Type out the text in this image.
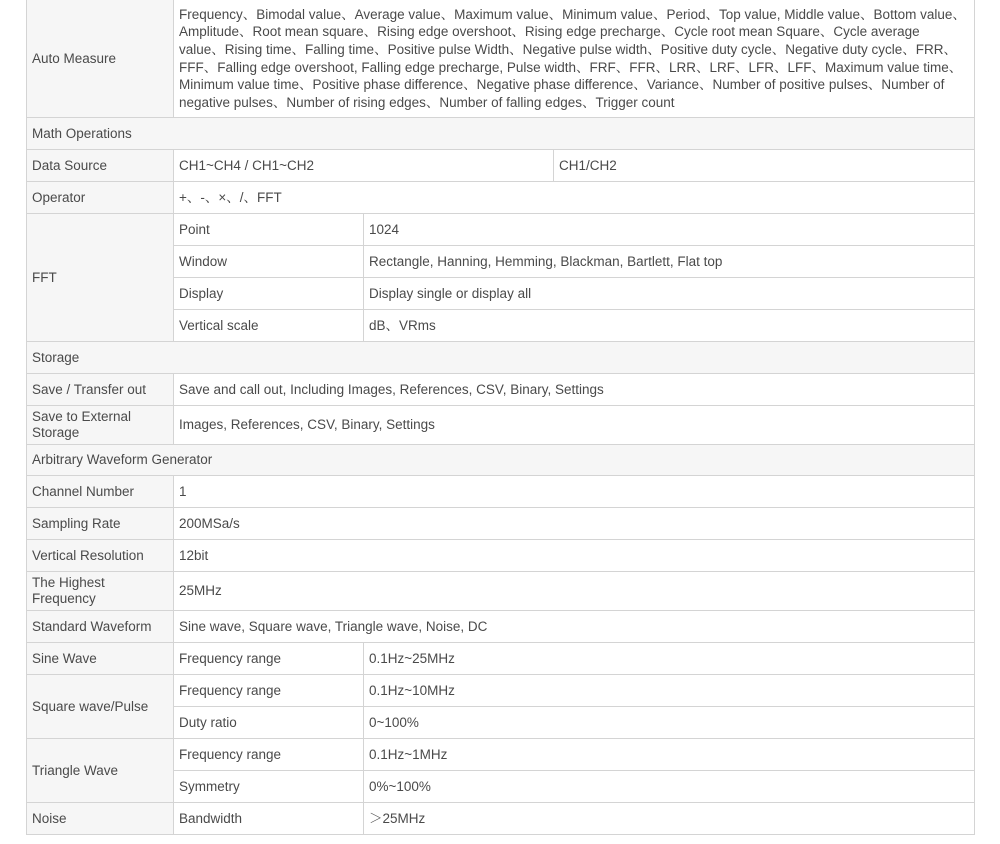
Auto Measure	Frequency、Bimodal value、Average value、Maximum value、Minimum value、Period、Top value, Middle value、Bottom value、Amplitude、Root mean square、Rising edge overshoot、Rising edge precharge、Cycle root mean Square、Cycle average value、Rising time、Falling time、Positive pulse Width、Negative pulse width、Positive duty cycle、Negative duty cycle、FRR、FFF、Falling edge overshoot, Falling edge precharge, Pulse width、FRF、FFR、LRR、LRF、LFR、LFF、Maximum value time、Minimum value time、Positive phase difference、Negative phase difference、Variance、Number of positive pulses、Number of negative pulses、Number of rising edges、Number of falling edges、Trigger count		
Math Operations			
Data Source	CH1~CH4 / CH1~CH2		CH1/CH2
Operator	+、-、×、/、FFT		
FFT	Point	1024	
	Window	Rectangle, Hanning, Hemming, Blackman, Bartlett, Flat top	
	Display	Display single or display all	
	Vertical scale	dB、VRms	
Storage			
Save / Transfer out	Save and call out, Including Images, References, CSV, Binary, Settings		
Save to External Storage	Images, References, CSV, Binary, Settings		
Arbitrary Waveform Generator			
Channel Number	1		
Sampling Rate	200MSa/s		
Vertical Resolution	12bit		
The Highest Frequency	25MHz		
Standard Waveform	Sine wave, Square wave, Triangle wave, Noise, DC		
Sine Wave	Frequency range	0.1Hz~25MHz	
Square wave/Pulse	Frequency range	0.1Hz~10MHz	
	Duty ratio	0~100%	
Triangle Wave	Frequency range	0.1Hz~1MHz	
	Symmetry	0%~100%	
Noise	Bandwidth	＞25MHz	
